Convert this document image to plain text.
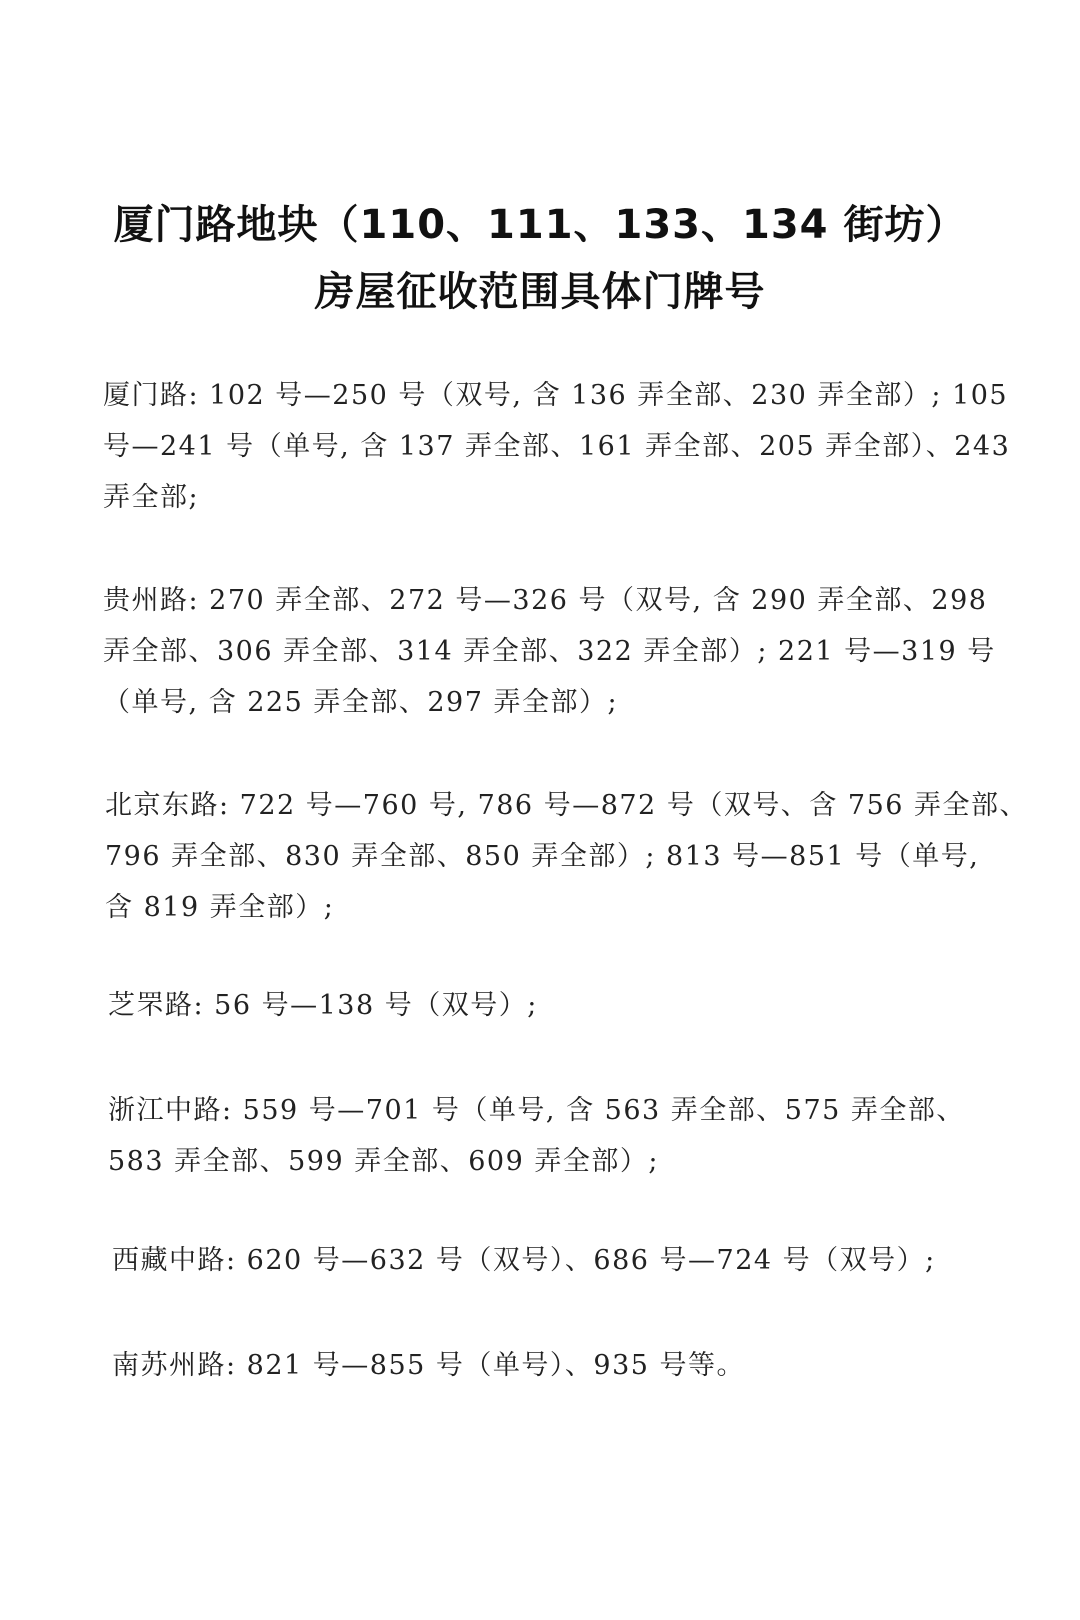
厦门路地块（110、111、133、134 街坊）
房屋征收范围具体门牌号
厦门路: 102 号—250 号（双号, 含 136 弄全部、230 弄全部）; 105
号—241 号（单号, 含 137 弄全部、161 弄全部、205 弄全部）、243
弄全部;
贵州路: 270 弄全部、272 号—326 号（双号, 含 290 弄全部、298
弄全部、306 弄全部、314 弄全部、322 弄全部）; 221 号—319 号
（单号, 含 225 弄全部、297 弄全部）;
北京东路: 722 号—760 号, 786 号—872 号（双号、含 756 弄全部、
796 弄全部、830 弄全部、850 弄全部）; 813 号—851 号（单号,
含 819 弄全部）;
芝罘路: 56 号—138 号（双号）;
浙江中路: 559 号—701 号（单号, 含 563 弄全部、575 弄全部、
583 弄全部、599 弄全部、609 弄全部）;
西藏中路: 620 号—632 号（双号）、686 号—724 号（双号）;
南苏州路: 821 号—855 号（单号）、935 号等。
